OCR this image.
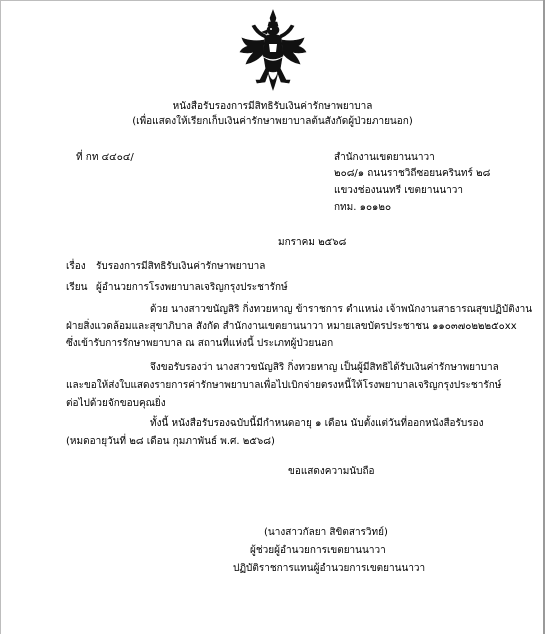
หนังสือรับรองการมีสิทธิรับเงินค่ารักษาพยาบาล
(เพื่อแสดงให้เรียกเก็บเงินค่ารักษาพยาบาลต้นสังกัดผู้ป่วยภายนอก)
ที่ กท ๔๔๐๔/	สำนักงานเขตยานนาวา
๒๐๘/๑ ถนนราชวิถีซอยนครินทร์ ๒๘
แขวงช่องนนทรี เขตยานนาวา
กทม. ๑๐๑๒๐
มกราคม ๒๕๖๘
เรื่อง รับรองการมีสิทธิรับเงินค่ารักษาพยาบาล
เรียน ผู้อำนวยการโรงพยาบาลเจริญกรุงประชารักษ์
ด้วย นางสาวขนัญสิริ กิ่งทวยหาญ ข้าราชการ ตำแหน่ง เจ้าพนักงานสาธารณสุขปฏิบัติงาน
ฝ่ายสิ่งแวดล้อมและสุขาภิบาล สังกัด สำนักงานเขตยานนาวา หมายเลขบัตรประชาชน ๑๑๐๓๗๐๒๒๒๕๐xx
ซึ่งเข้ารับการรักษาพยาบาล ณ สถานที่แห่งนี้ ประเภทผู้ป่วยนอก
จึงขอรับรองว่า นางสาวขนัญสิริ กิ่งทวยหาญ เป็นผู้มีสิทธิได้รับเงินค่ารักษาพยาบาล
และขอให้ส่งใบแสดงรายการค่ารักษาพยาบาลเพื่อไปเบิกจ่ายตรงหนี้ให้โรงพยาบาลเจริญกรุงประชารักษ์
ต่อไปด้วยจักขอบคุณยิ่ง
ทั้งนี้ หนังสือรับรองฉบับนี้มีกำหนดอายุ ๑ เดือน นับตั้งแต่วันที่ออกหนังสือรับรอง
(หมดอายุวันที่ ๒๘ เดือน กุมภาพันธ์ พ.ศ. ๒๕๖๘)
ขอแสดงความนับถือ
(นางสาวกัลยา สิขิตสารวิทย์)
ผู้ช่วยผู้อำนวยการเขตยานนาวา
ปฏิบัติราชการแทนผู้อำนวยการเขตยานนาวา
